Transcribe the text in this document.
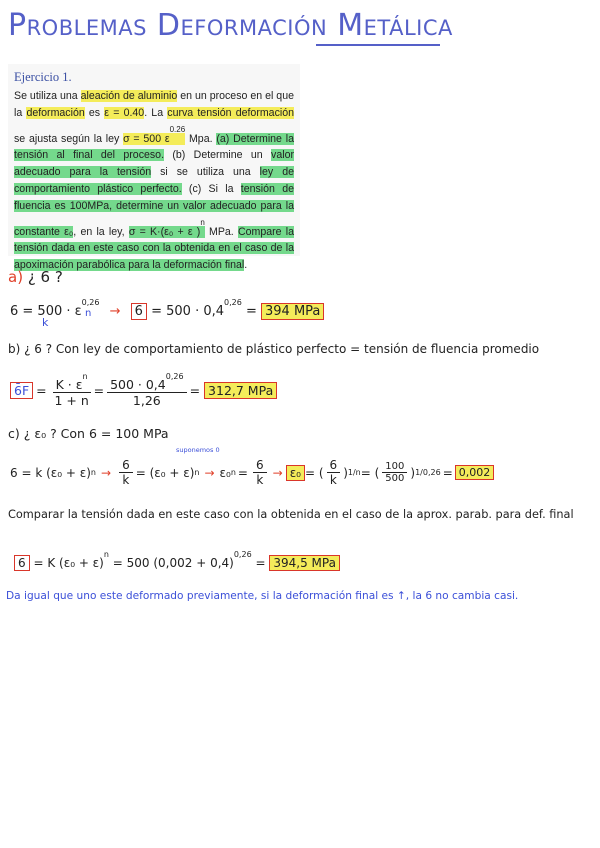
Problemas Deformación Metálica
Ejercicio 1.
Se utiliza una aleación de aluminio en un proceso en el que la deformación es ε = 0.40. La curva tensión deformación se ajusta según la ley σ = 500 $\varepsilon^{0.26}$ Mpa. (a) Determine la tensión al final del proceso. (b) Determine un valor adecuado para la tensión si se utiliza una ley de comportamiento plástico perfecto. (c) Si la tensión de fluencia es 100MPa, determine un valor adecuado para la constante ε₀, en la ley, σ = K·(ε₀ + ε )$^n$ MPa. Compare la tensión dada en este caso con la obtenida en el caso de la apoximación parabólica para la deformación final.
a) ¿ 6 ?
$6 = 500 \cdot \varepsilon^{0,26} \to 6 = 500 \cdot 0,4^{0,26} = 394$ MPa
k
n
b) ¿ 6 ? Con ley de comportamiento de plástico perfecto = tensión de fluencia promedio
6̄F = $\frac{K \cdot \varepsilon^n}{1 + n} = \frac{500 \cdot 0,4^{0,26}}{1,26} = 312,7$ MPa
c) ¿ ε₀ ? Con 6 = 100 MPa
suponemos 0
6 = k (ε₀ + ε) $n \to \frac{6}{k} = (\varepsilon_0 + \varepsilon) n \to \varepsilon_0$ $n = \frac{6}{k} \to \varepsilon_0$ = ( $\frac{6}{k}$ ) 1/n = ( $\frac{100}{500}$ ) 1/0,26 = 0,002
Comparar la tensión dada en este caso con la obtenida en el caso de la aprox. parab. para def. final
6 = K $(\varepsilon_0 + \varepsilon)^n = 500$ $(0,002 + 0,4)^{0,26} = 394,5$ MPa
Da igual que uno este deformado previamente, si la deformación final es ↑, la 6 no cambia casi.
